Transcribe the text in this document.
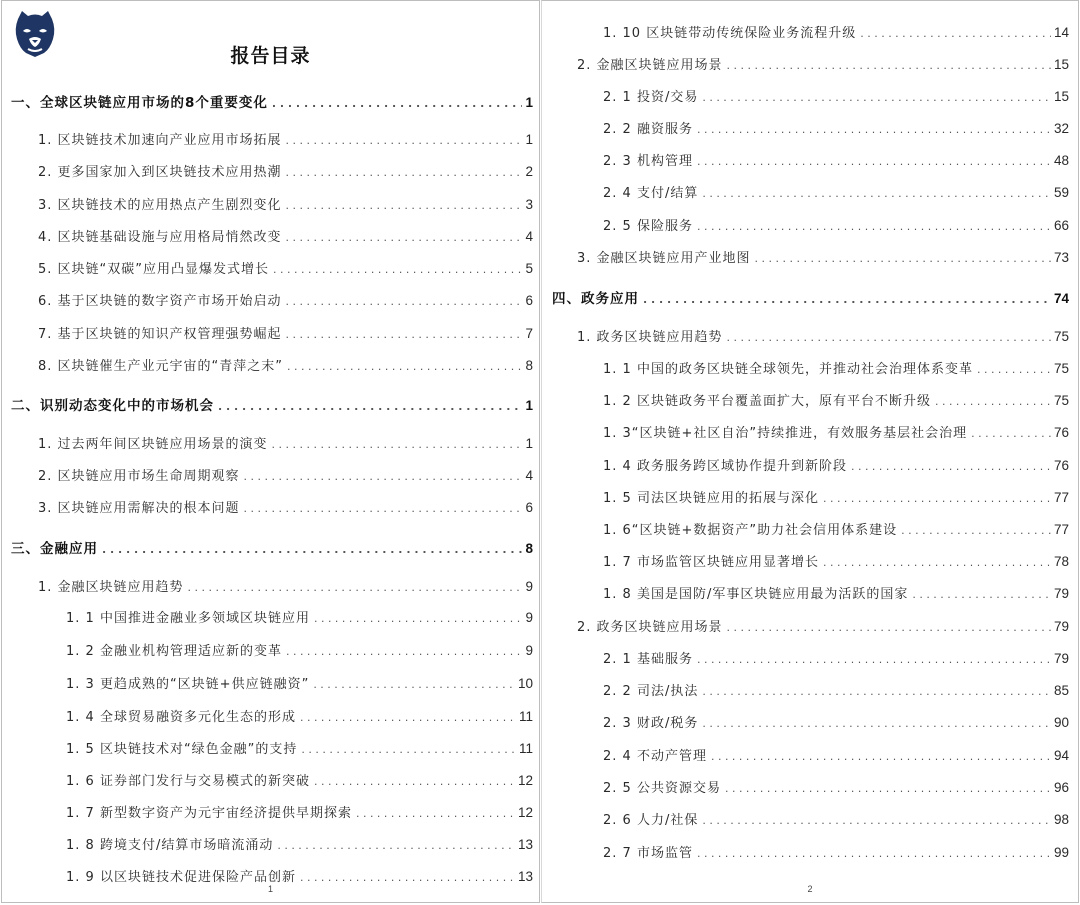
报告目录
一、全球区块链应用市场的8个重要变化 . . .	1
1. 区块链技术加速向产业应用市场拓展 . . .	1
2. 更多国家加入到区块链技术应用热潮 . . .	2
3. 区块链技术的应用热点产生剧烈变化 . . .	3
4. 区块链基础设施与应用格局悄然改变 . . .	4
5. 区块链“双碳”应用凸显爆发式增长 . . .	5
6. 基于区块链的数字资产市场开始启动 . . .	6
7. 基于区块链的知识产权管理强势崛起 . . .	7
8. 区块链催生产业元宇宙的“青萍之末” . . .	8
二、识别动态变化中的市场机会 . . .	1
1. 过去两年间区块链应用场景的演变 . . .	1
2. 区块链应用市场生命周期观察 . . .	4
3. 区块链应用需解决的根本问题 . . .	6
三、金融应用 . . .	8
1. 金融区块链应用趋势 . . .	9
1. 1 中国推进金融业多领域区块链应用 . . .	9
1. 2 金融业机构管理适应新的变革 . . .	9
1. 3 更趋成熟的“区块链+供应链融资” . . .	10
1. 4 全球贸易融资多元化生态的形成 . . .	11
1. 5 区块链技术对“绿色金融”的支持 . . .	11
1. 6 证券部门发行与交易模式的新突破 . . .	12
1. 7 新型数字资产为元宇宙经济提供早期探索 . . .	12
1. 8 跨境支付/结算市场暗流涌动 . . .	13
1. 9 以区块链技术促进保险产品创新 . . .	13
1
1. 10 区块链带动传统保险业务流程升级 . . .	14
2. 金融区块链应用场景 . . .	15
2. 1 投资/交易 . . .	15
2. 2 融资服务 . . .	32
2. 3 机构管理 . . .	48
2. 4 支付/结算 . . .	59
2. 5 保险服务 . . .	66
3. 金融区块链应用产业地图 . . .	73
四、政务应用 . . .	74
1. 政务区块链应用趋势 . . .	75
1. 1 中国的政务区块链全球领先，并推动社会治理体系变革 . . .	75
1. 2 区块链政务平台覆盖面扩大，原有平台不断升级 . . .	75
1. 3“区块链+社区自治”持续推进，有效服务基层社会治理 . . .	76
1. 4 政务服务跨区域协作提升到新阶段 . . .	76
1. 5 司法区块链应用的拓展与深化 . . .	77
1. 6“区块链+数据资产”助力社会信用体系建设 . . .	77
1. 7 市场监管区块链应用显著增长 . . .	78
1. 8 美国是国防/军事区块链应用最为活跃的国家 . . .	79
2. 政务区块链应用场景 . . .	79
2. 1 基础服务 . . .	79
2. 2 司法/执法 . . .	85
2. 3 财政/税务 . . .	90
2. 4 不动产管理 . . .	94
2. 5 公共资源交易 . . .	96
2. 6 人力/社保 . . .	98
2. 7 市场监管 . . .	99
2
